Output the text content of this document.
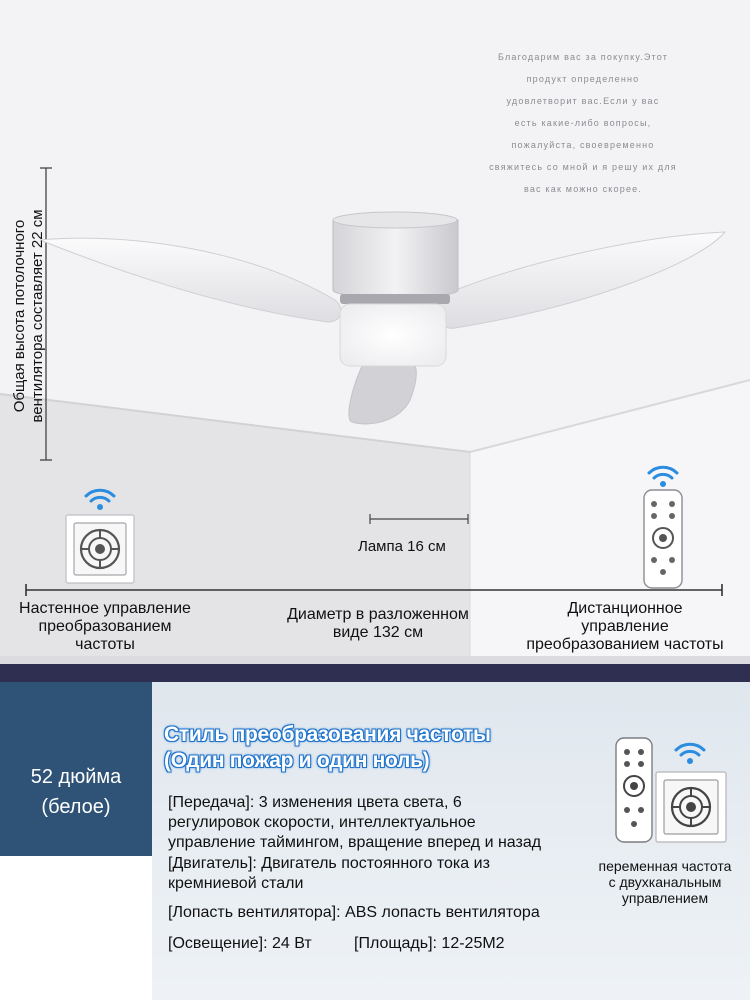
Благодарим вас за покупку.Этот
продукт определенно
удовлетворит вас.Если у вас
есть какие-либо вопросы,
пожалуйста, своевременно
свяжитесь со мной и я решу их для
вас как можно скорее.
Общая высота потолочного вентилятора составляет 22 см
Лампа 16 см
Настенное управление
преобразованием
частоты
Диаметр в разложенном
виде 132 см
Дистанционное
управление
преобразованием частоты
52 дюйма
(белое)
Стиль преобразования частоты
(Один пожар и один ноль)
[Передача]: 3 изменения цвета света, 6
регулировок скорости, интеллектуальное
управление таймингом, вращение вперед и назад
[Двигатель]: Двигатель постоянного тока из
кремниевой стали
[Лопасть вентилятора]: ABS лопасть вентилятора
[Освещение]: 24 Вт	[Площадь]: 12-25М2
переменная частота
с двухканальным
управлением
